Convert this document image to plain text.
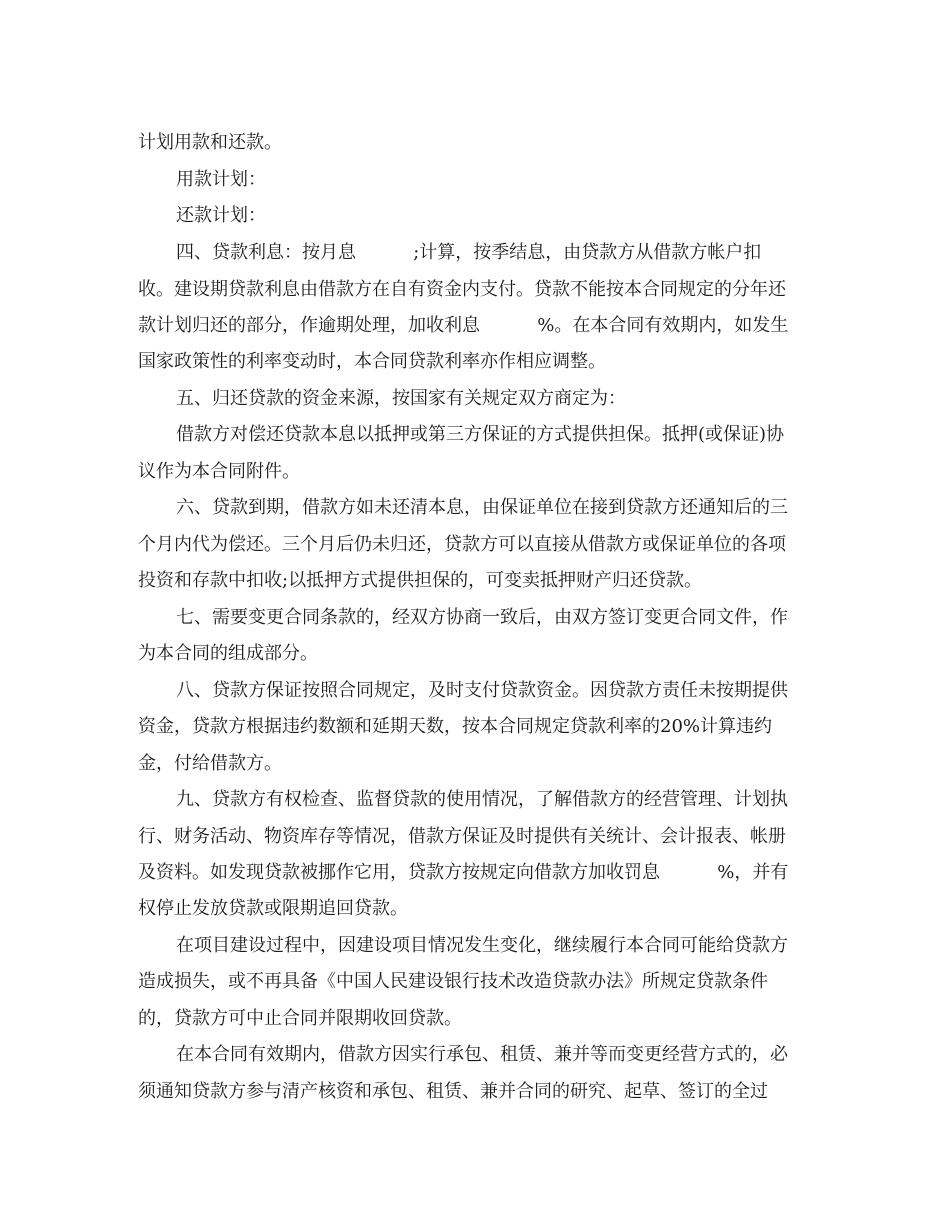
计划用款和还款。

用款计划：

还款计划：

四、贷款利息：按月息          ;计算，按季结息，由贷款方从借款方帐户扣

收。建设期贷款利息由借款方在自有资金内支付。贷款不能按本合同规定的分年还

款计划归还的部分，作逾期处理，加收利息          %。在本合同有效期内，如发生

国家政策性的利率变动时，本合同贷款利率亦作相应调整。

五、归还贷款的资金来源，按国家有关规定双方商定为：

借款方对偿还贷款本息以抵押或第三方保证的方式提供担保。抵押(或保证)协

议作为本合同附件。

六、贷款到期，借款方如未还清本息，由保证单位在接到贷款方还通知后的三

个月内代为偿还。三个月后仍未归还，贷款方可以直接从借款方或保证单位的各项

投资和存款中扣收;以抵押方式提供担保的，可变卖抵押财产归还贷款。

七、需要变更合同条款的，经双方协商一致后，由双方签订变更合同文件，作

为本合同的组成部分。

八、贷款方保证按照合同规定，及时支付贷款资金。因贷款方责任未按期提供

资金，贷款方根据违约数额和延期天数，按本合同规定贷款利率的20%计算违约

金，付给借款方。

九、贷款方有权检查、监督贷款的使用情况，了解借款方的经营管理、计划执

行、财务活动、物资库存等情况，借款方保证及时提供有关统计、会计报表、帐册

及资料。如发现贷款被挪作它用，贷款方按规定向借款方加收罚息          %，并有

权停止发放贷款或限期追回贷款。

在项目建设过程中，因建设项目情况发生变化，继续履行本合同可能给贷款方

造成损失，或不再具备《中国人民建设银行技术改造贷款办法》所规定贷款条件

的，贷款方可中止合同并限期收回贷款。

在本合同有效期内，借款方因实行承包、租赁、兼并等而变更经营方式的，必

须通知贷款方参与清产核资和承包、租赁、兼并合同的研究、起草、签订的全过
